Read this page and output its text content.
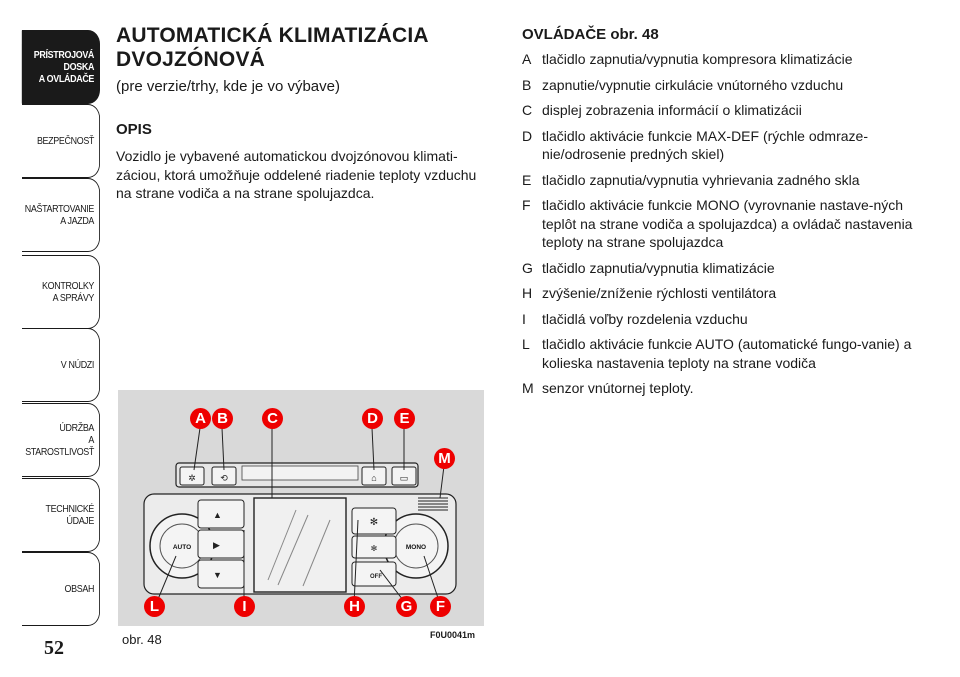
PRÍSTROJOVÁ
DOSKA
A OVLÁDAČE
BEZPEČNOSŤ
NAŠTARTOVANIE
A JAZDA
KONTROLKY
A SPRÁVY
V NÚDZI
ÚDRŽBA
A STAROSTLIVOSŤ
TECHNICKÉ ÚDAJE
OBSAH
52
AUTOMATICKÁ KLIMATIZÁCIA
DVOJZÓNOVÁ
(pre verzie/trhy, kde je vo výbave)
OPIS
Vozidlo je vybavené automatickou dvojzónovou klimati-záciou, ktorá umožňuje oddelené riadenie teploty vzduchu na strane vodiča a na strane spolujazdca.
OVLÁDAČE obr. 48
A tlačidlo zapnutia/vypnutia kompresora klimatizácie
B zapnutie/vypnutie cirkulácie vnútorného vzduchu
C displej zobrazenia informácií o klimatizácii
D tlačidlo aktivácie funkcie MAX-DEF (rýchle odmraze-nie/odrosenie predných skiel)
E tlačidlo zapnutia/vypnutia vyhrievania zadného skla
F tlačidlo aktivácie funkcie MONO (vyrovnanie nastave-ných teplôt na strane vodiča a spolujazdca) a ovládač nastavenia teploty na strane spolujazdca
G tlačidlo zapnutia/vypnutia klimatizácie
H zvýšenie/zníženie rýchlosti ventilátora
I	tlačidlá voľby rozdelenia vzduchu
L tlačidlo aktivácie funkcie AUTO (automatické fungo-vanie) a kolieska nastavenia teploty na strane vodiča
M senzor vnútornej teploty.
✲	⟲	⌂	▭
AUTO
▲
▶
▼
MONO
✻
✻
OFF
A B	C	D	E
M
L	I	H	G	F
obr. 48	F0U0041m
